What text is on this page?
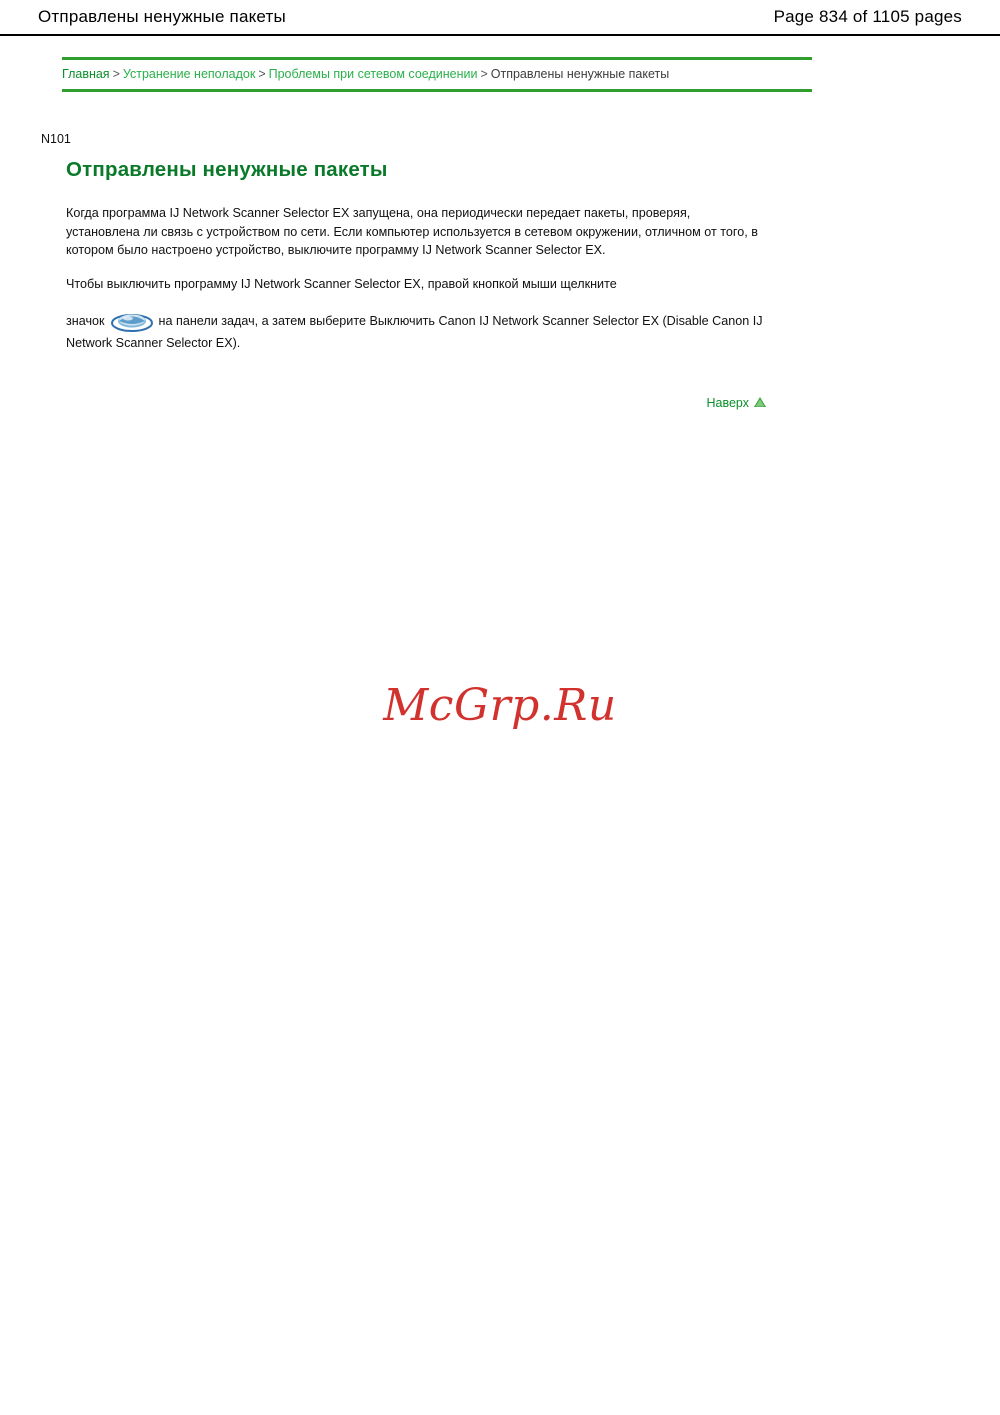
Отправлены ненужные пакеты	Page 834 of 1105 pages
Главная > Устранение неполадок > Проблемы при сетевом соединении > Отправлены ненужные пакеты
N101
Отправлены ненужные пакеты

Когда программа IJ Network Scanner Selector EX запущена, она периодически передает пакеты, проверяя, установлена ли связь с устройством по сети. Если компьютер используется в сетевом окружении, отличном от того, в котором было настроено устройство, выключите программу IJ Network Scanner Selector EX.

Чтобы выключить программу IJ Network Scanner Selector EX, правой кнопкой мыши щелкните

значок	на панели задач, а затем выберите Выключить Canon IJ Network Scanner Selector EX (Disable Canon IJ Network Scanner Selector EX).

Наверх
McGrp.Ru
